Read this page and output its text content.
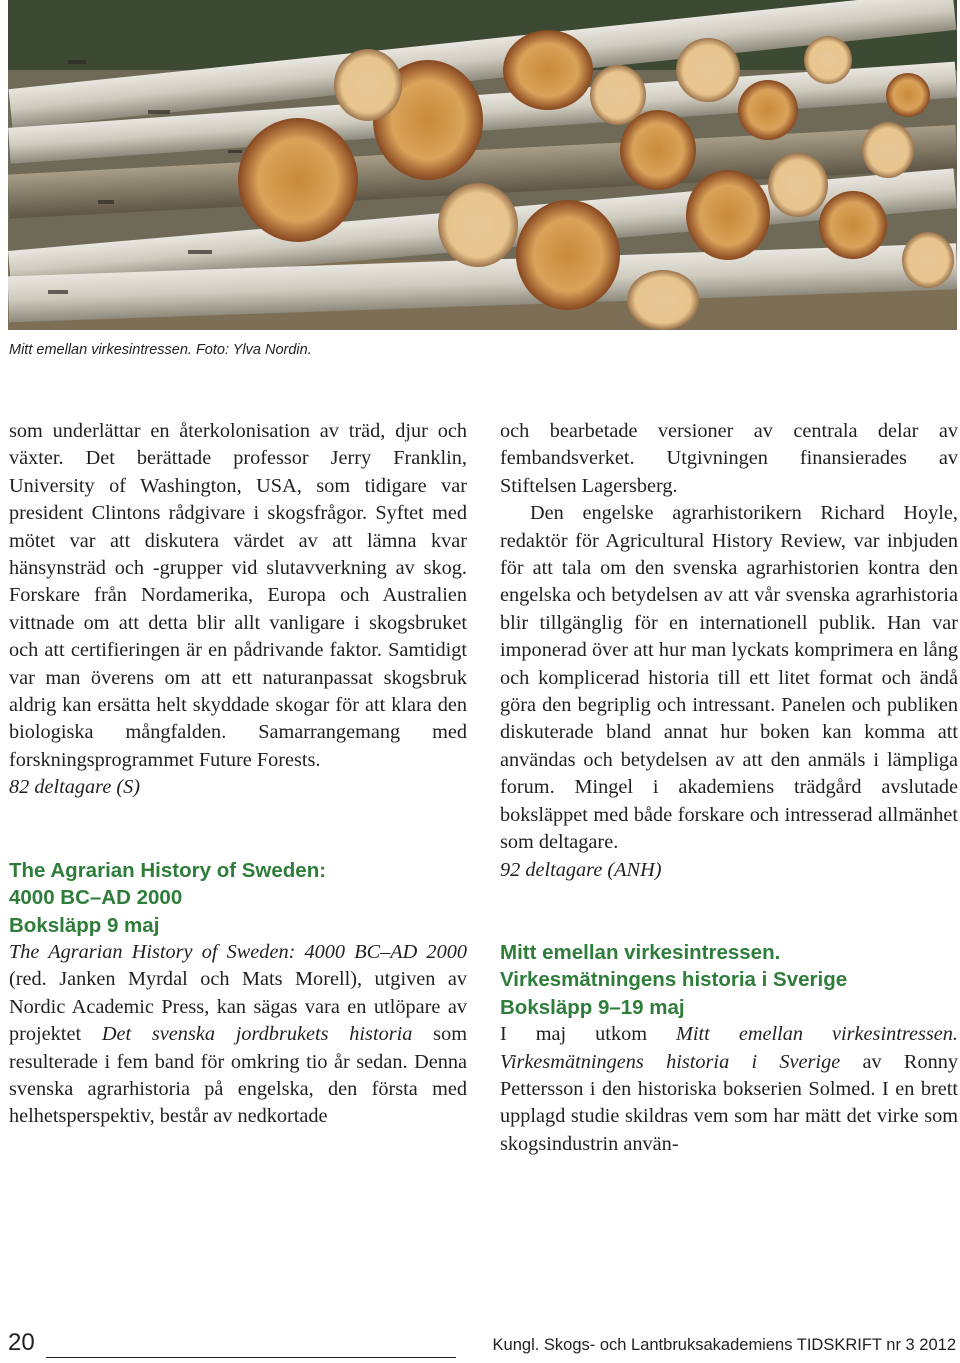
Mitt emellan virkesintressen. Foto: Ylva Nordin.

som underlättar en återkolonisation av träd, djur och växter. Det berättade professor Jerry Franklin, University of Washington, USA, som tidigare var president Clintons rådgivare i skogsfrågor. Syftet med mötet var att diskutera värdet av att lämna kvar hänsynsträd och -grupper vid slutavverkning av skog. Forskare från Nordamerika, Europa och Australien vittnade om att detta blir allt vanligare i skogsbruket och att certifieringen är en pådrivande faktor. Samtidigt var man överens om att ett naturanpassat skogsbruk aldrig kan ersätta helt skyddade skogar för att klara den biologiska mångfalden. Samarrangemang med forskningsprogrammet Future Forests.

82 deltagare (S)

The Agrarian History of Sweden:

4000 BC–AD 2000

Boksläpp 9 maj

The Agrarian History of Sweden: 4000 BC–AD 2000 (red. Janken Myrdal och Mats Morell), utgiven av Nordic Academic Press, kan sägas vara en utlöpare av projektet Det svenska jordbrukets historia som resulterade i fem band för omkring tio år sedan. Denna svenska agrarhistoria på engelska, den första med helhetsperspektiv, består av nedkortade

och bearbetade versioner av centrala delar av fembandsverket. Utgivningen finansierades av Stiftelsen Lagersberg.

Den engelske agrarhistorikern Richard Hoyle, redaktör för Agricultural History Review, var inbjuden för att tala om den svenska agrarhistorien kontra den engelska och betydelsen av att vår svenska agrarhistoria blir tillgänglig för en internationell publik. Han var imponerad över att hur man lyckats komprimera en lång och komplicerad historia till ett litet format och ändå göra den begriplig och intressant. Panelen och publiken diskuterade bland annat hur boken kan komma att användas och betydelsen av att den anmäls i lämpliga forum. Mingel i akademiens trädgård avslutade boksläppet med både forskare och intresserad allmänhet som deltagare.

92 deltagare (ANH)

Mitt emellan virkesintressen.

Virkesmätningens historia i Sverige

Boksläpp 9–19 maj

I maj utkom Mitt emellan virkesintressen. Virkesmätningens historia i Sverige av Ronny Pettersson i den historiska bokserien Solmed. I en brett upplagd studie skildras vem som har mätt det virke som skogsindustrin använ-

20	Kungl. Skogs- och Lantbruksakademiens TIDSKRIFT nr 3 2012
